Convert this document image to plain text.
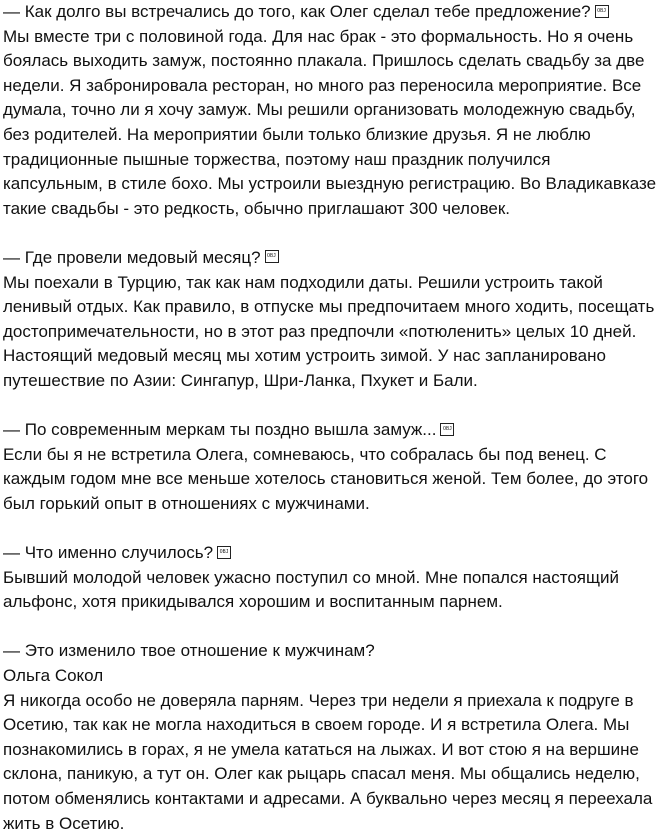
— Как долго вы встречались до того, как Олег сделал тебе предложение? OBJ
Мы вместе три с половиной года. Для нас брак - это формальность. Но я очень
боялась выходить замуж, постоянно плакала. Пришлось сделать свадьбу за две
недели. Я забронировала ресторан, но много раз переносила мероприятие. Все
думала, точно ли я хочу замуж. Мы решили организовать молодежную свадьбу,
без родителей. На мероприятии были только близкие друзья. Я не люблю
традиционные пышные торжества, поэтому наш праздник получился
капсульным, в стиле бохо. Мы устроили выездную регистрацию. Во Владикавказе
такие свадьбы - это редкость, обычно приглашают 300 человек.
— Где провели медовый месяц? OBJ
Мы поехали в Турцию, так как нам подходили даты. Решили устроить такой
ленивый отдых. Как правило, в отпуске мы предпочитаем много ходить, посещать
достопримечательности, но в этот раз предпочли «потюленить» целых 10 дней.
Настоящий медовый месяц мы хотим устроить зимой. У нас запланировано
путешествие по Азии: Сингапур, Шри-Ланка, Пхукет и Бали.
— По современным меркам ты поздно вышла замуж... OBJ
Если бы я не встретила Олега, сомневаюсь, что собралась бы под венец. С
каждым годом мне все меньше хотелось становиться женой. Тем более, до этого
был горький опыт в отношениях с мужчинами.
— Что именно случилось? OBJ
Бывший молодой человек ужасно поступил со мной. Мне попался настоящий
альфонс, хотя прикидывался хорошим и воспитанным парнем.
— Это изменило твое отношение к мужчинам?
Ольга Сокол
Я никогда особо не доверяла парням. Через три недели я приехала к подруге в
Осетию, так как не могла находиться в своем городе. И я встретила Олега. Мы
познакомились в горах, я не умела кататься на лыжах. И вот стою я на вершине
склона, паникую, а тут он. Олег как рыцарь спасал меня. Мы общались неделю,
потом обменялись контактами и адресами. А буквально через месяц я переехала
жить в Осетию.
